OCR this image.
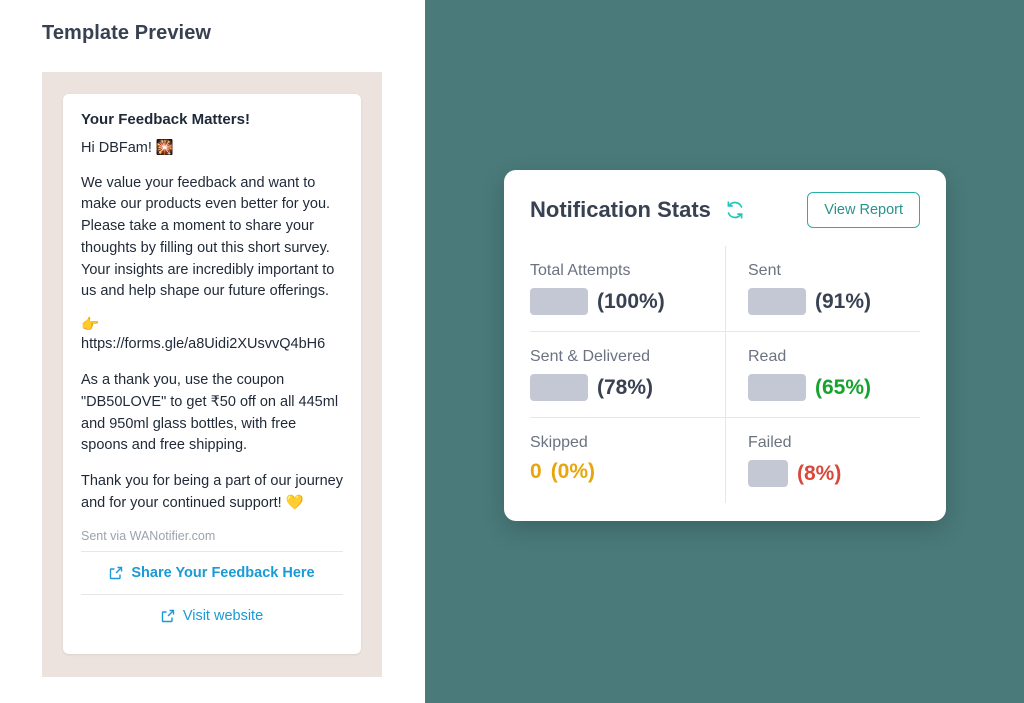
Template Preview

Your Feedback Matters!

Hi DBFam! 🎇

We value your feedback and want to make our products even better for you. Please take a moment to share your thoughts by filling out this short survey. Your insights are incredibly important to us and help shape our future offerings.

👉

https://forms.gle/a8Uidi2XUsvvQ4bH6

As a thank you, use the coupon "DB50LOVE" to get ₹50 off on all 445ml and 950ml glass bottles, with free spoons and free shipping.

Thank you for being a part of our journey and for your continued support! 💛

Sent via WANotifier.com

Share Your Feedback Here
Visit website
Notification Stats	View Report
Total Attempts
(100%)
Sent
(91%)
Sent & Delivered
(78%)
Read
(65%)
Skipped
0 (0%)
Failed
(8%)
